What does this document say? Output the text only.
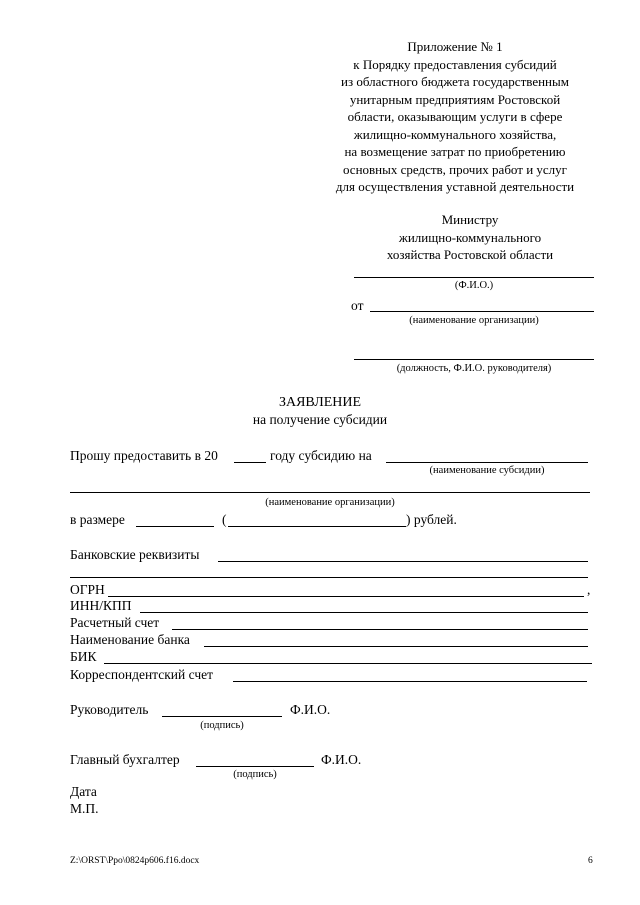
Приложение № 1
к Порядку предоставления субсидий
из областного бюджета государственным
унитарным предприятиям Ростовской
области, оказывающим услуги в сфере
жилищно-коммунального хозяйства,
на возмещение затрат по приобретению
основных средств, прочих работ и услуг
для осуществления уставной деятельности
Министру
жилищно-коммунального
хозяйства Ростовской области
(Ф.И.О.)
от
(наименование организации)
(должность, Ф.И.О. руководителя)
ЗАЯВЛЕНИЕ
на получение субсидии
Прошу предоставить в 20	году субсидию на
(наименование субсидии)
(наименование организации)
в размере	(	) рублей.
Банковские реквизиты
ОГРН	,
ИНН/КПП
Расчетный счет
Наименование банка
БИК
Корреспондентский счет
Руководитель	Ф.И.О.
(подпись)
Главный бухгалтер	Ф.И.О.
(подпись)
Дата
М.П.
Z:\ORST\Ppo\0824p606.f16.docx	6
